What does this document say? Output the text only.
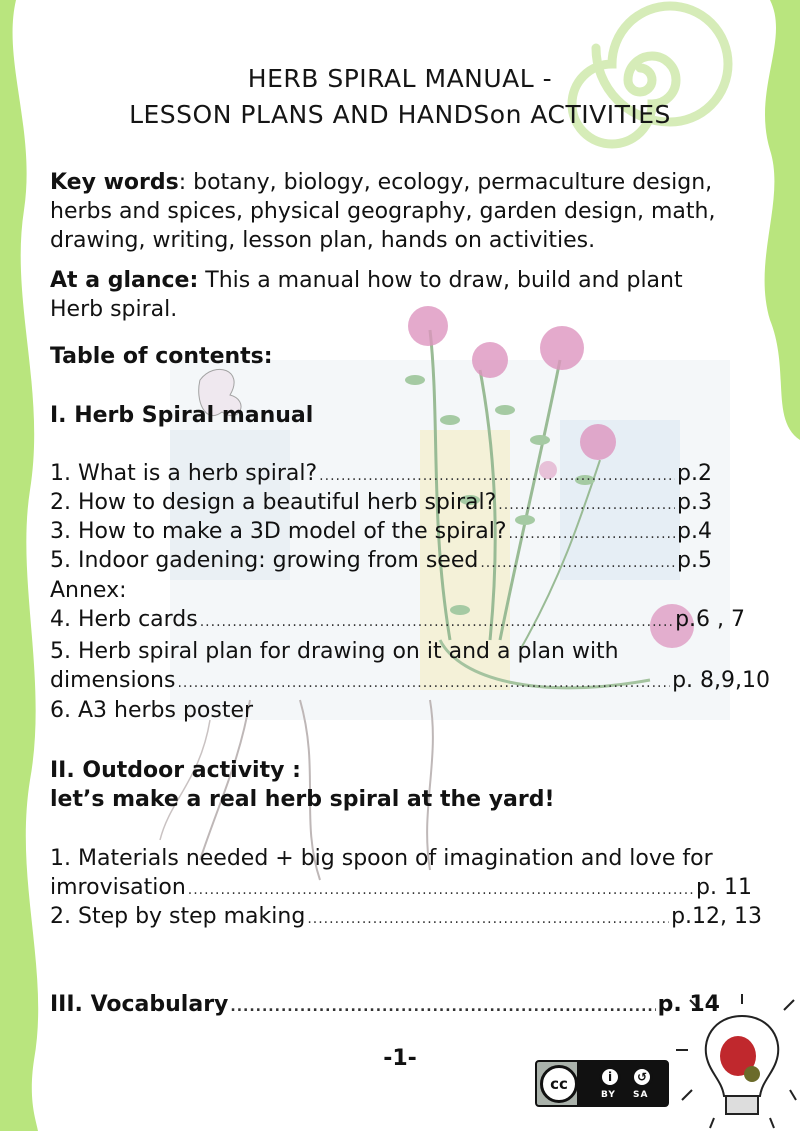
HERB SPIRAL MANUAL -
LESSON PLANS AND HANDSon ACTIVITIES
Key words: botany, biology, ecology, permaculture design,
herbs and spices, physical geography, garden design, math,
drawing, writing, lesson plan, hands on activities.
At a glance: This a manual how to draw, build and plant
Herb spiral.
Table of contents:
I. Herb Spiral manual
1. What is a herb spiral? .....	p.2
2. How to design a beautiful herb spiral? .....	p.3
3. How to make a 3D model of the spiral? .....	p.4
5. Indoor gadening: growing from seed .....	p.5
Annex:
4. Herb cards .....	p.6 , 7
5. Herb spiral plan for drawing on it and a plan with
dimensions .....	p. 8,9,10
6. A3 herbs poster
II. Outdoor activity :
let’s make a real herb spiral at the yard!
1. Materials needed + big spoon of imagination and love for
imrovisation .....	p. 11
2. Step by step making .....	p.12, 13
III. Vocabulary .....	p. 14
-1-
cc	i	↺
BY SA
